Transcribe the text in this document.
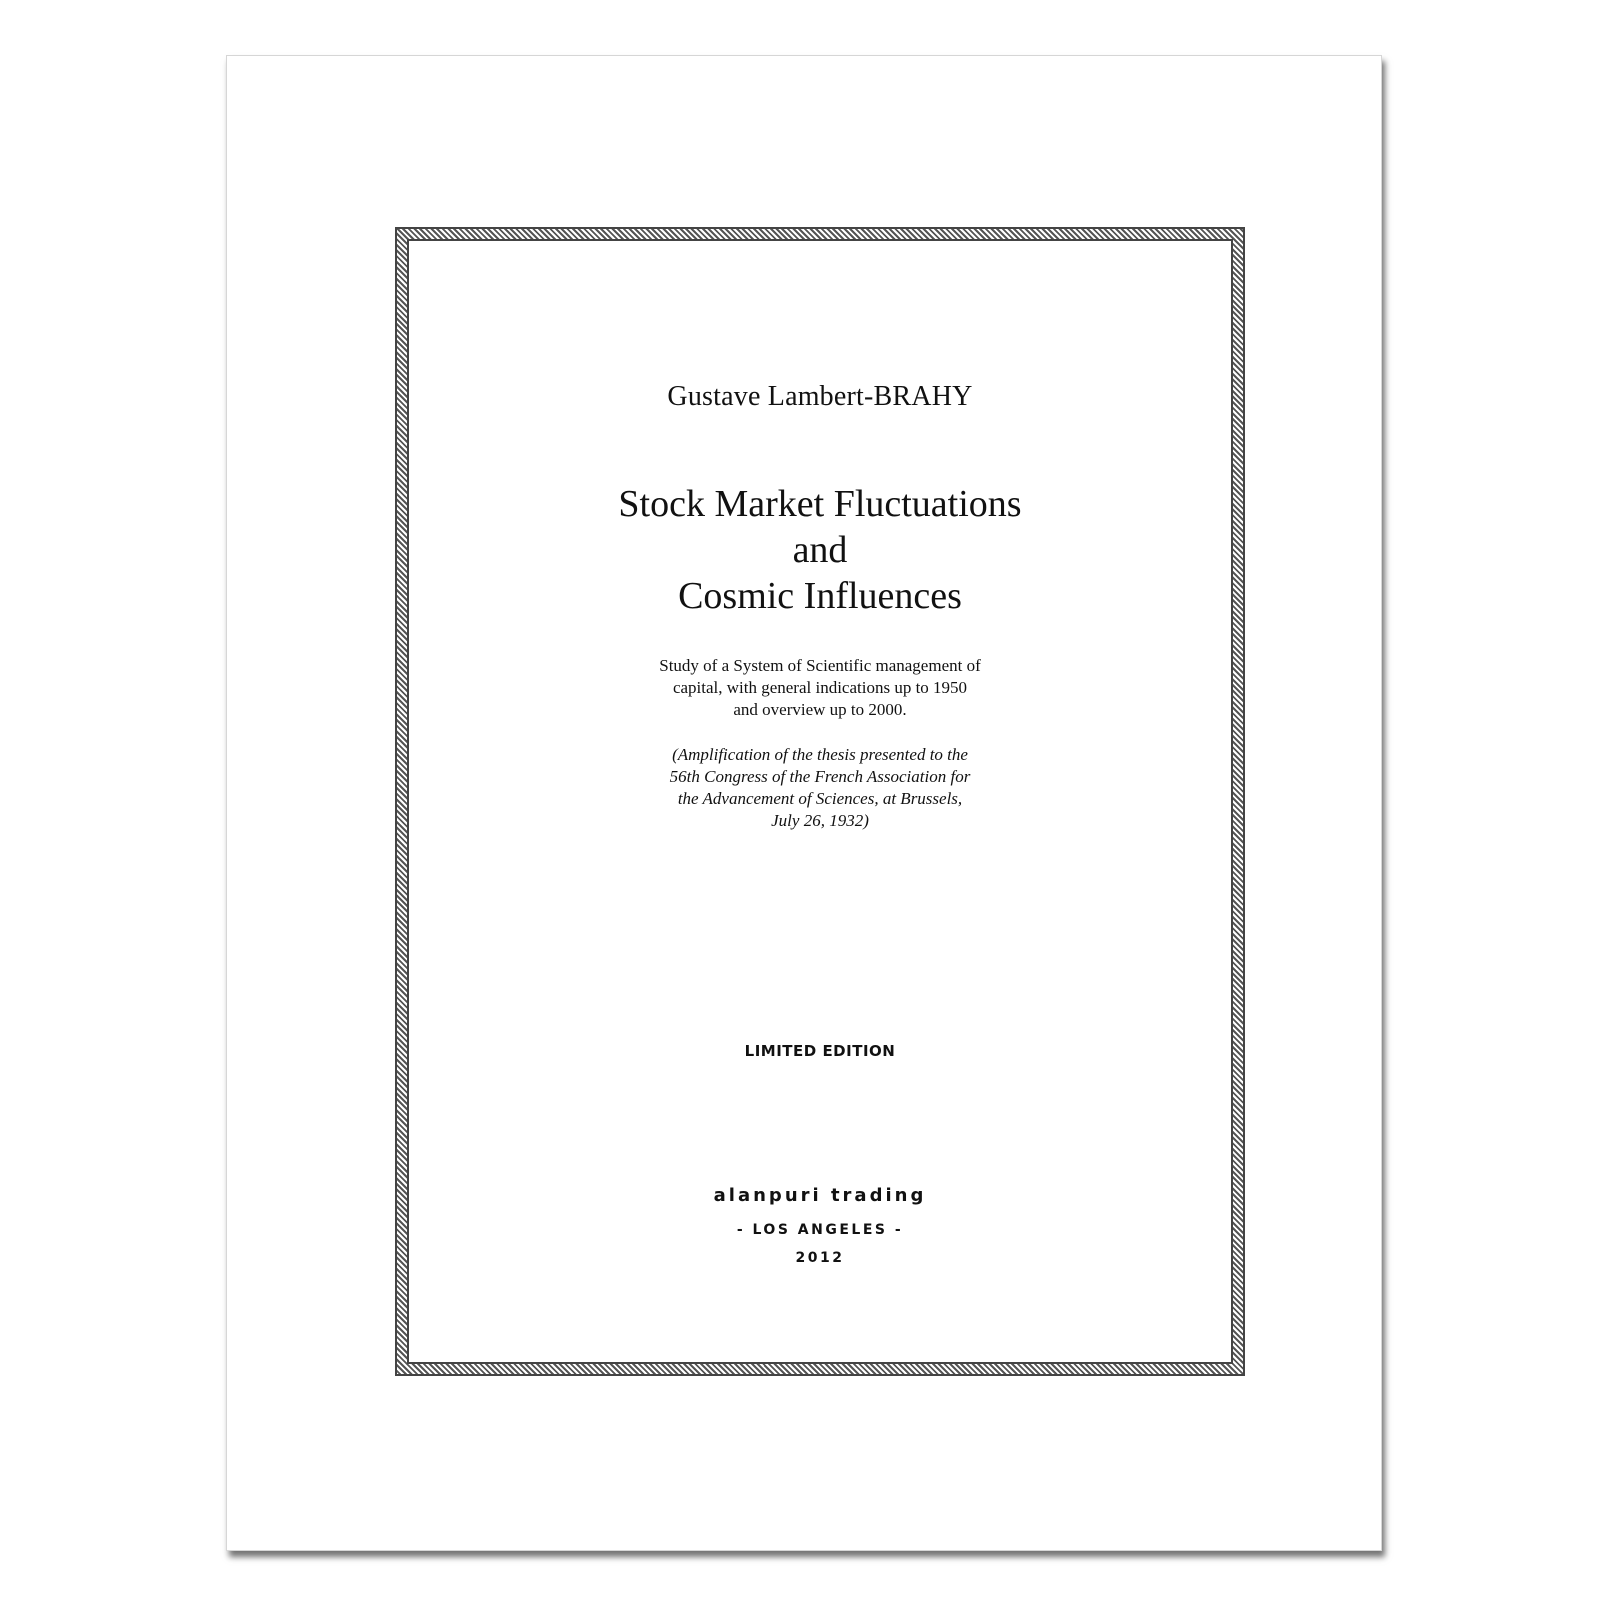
Gustave Lambert-BRAHY
Stock Market Fluctuations
and
Cosmic Influences
Study of a System of Scientific management of
capital, with general indications up to 1950
and overview up to 2000.
(Amplification of the thesis presented to the
56th Congress of the French Association for
the Advancement of Sciences, at Brussels,
July 26, 1932)
LIMITED EDITION
alanpuri trading
- LOS ANGELES -
2012
